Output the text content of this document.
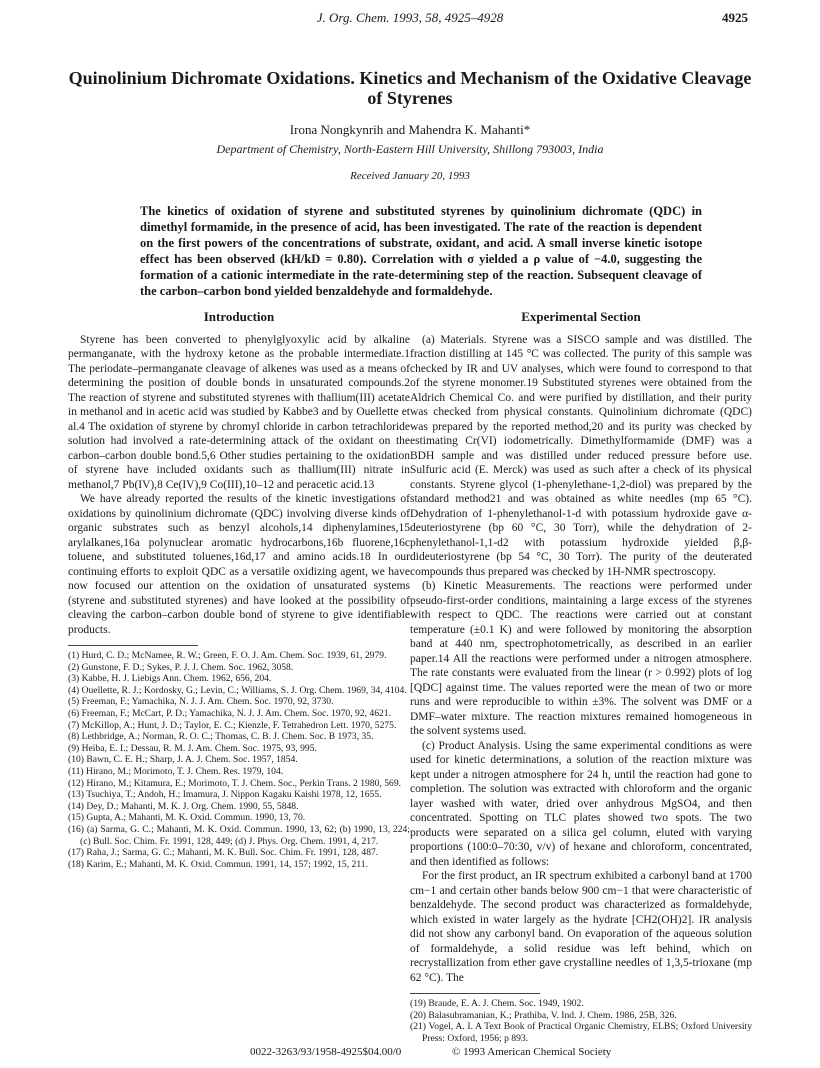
J. Org. Chem. 1993, 58, 4925–4928	4925
Quinolinium Dichromate Oxidations. Kinetics and Mechanism of the Oxidative Cleavage of Styrenes
Irona Nongkynrih and Mahendra K. Mahanti*
Department of Chemistry, North-Eastern Hill University, Shillong 793003, India
Received January 20, 1993
The kinetics of oxidation of styrene and substituted styrenes by quinolinium dichromate (QDC) in dimethyl formamide, in the presence of acid, has been investigated. The rate of the reaction is dependent on the first powers of the concentrations of substrate, oxidant, and acid. A small inverse kinetic isotope effect has been observed (kH/kD = 0.80). Correlation with σ yielded a ρ value of −4.0, suggesting the formation of a cationic intermediate in the rate-determining step of the reaction. Subsequent cleavage of the carbon–carbon bond yielded benzaldehyde and formaldehyde.
Introduction

Styrene has been converted to phenylglyoxylic acid by alkaline permanganate, with the hydroxy ketone as the probable intermediate.1 The periodate–permanganate cleavage of alkenes was used as a means of determining the position of double bonds in unsaturated compounds.2 The reaction of styrene and substituted styrenes with thallium(III) acetate in methanol and in acetic acid was studied by Kabbe3 and by Ouellette et al.4 The oxidation of styrene by chromyl chloride in carbon tetrachloride solution had involved a rate-determining attack of the oxidant on the carbon–carbon double bond.5,6 Other studies pertaining to the oxidation of styrene have included oxidants such as thallium(III) nitrate in methanol,7 Pb(IV),8 Ce(IV),9 Co(III),10–12 and peracetic acid.13

We have already reported the results of the kinetic investigations of oxidations by quinolinium dichromate (QDC) involving diverse kinds of organic substrates such as benzyl alcohols,14 diphenylamines,15 arylalkanes,16a polynuclear aromatic hydrocarbons,16b fluorene,16c toluene, and substituted toluenes,16d,17 and amino acids.18 In our continuing efforts to exploit QDC as a versatile oxidizing agent, we have now focused our attention on the oxidation of unsaturated systems (styrene and substituted styrenes) and have looked at the possibility of cleaving the carbon–carbon double bond of styrene to give identifiable products.

(1) Hurd, C. D.; McNamee, R. W.; Green, F. O. J. Am. Chem. Soc. 1939, 61, 2979.
(2) Gunstone, F. D.; Sykes, P. J. J. Chem. Soc. 1962, 3058.
(3) Kabbe, H. J. Liebigs Ann. Chem. 1962, 656, 204.
(4) Ouellette, R. J.; Kordosky, G.; Levin, C.; Williams, S. J. Org. Chem. 1969, 34, 4104.
(5) Freeman, F.; Yamachika, N. J. J. Am. Chem. Soc. 1970, 92, 3730.
(6) Freeman, F.; McCart, P. D.; Yamachika, N. J. J. Am. Chem. Soc. 1970, 92, 4621.
(7) McKillop, A.; Hunt, J. D.; Taylor, E. C.; Kienzle, F. Tetrahedron Lett. 1970, 5275.
(8) Lethbridge, A.; Norman, R. O. C.; Thomas, C. B. J. Chem. Soc. B 1973, 35.
(9) Heiba, E. I.; Dessau, R. M. J. Am. Chem. Soc. 1975, 93, 995.
(10) Bawn, C. E. H.; Sharp, J. A. J. Chem. Soc. 1957, 1854.
(11) Hirano, M.; Morimoto, T. J. Chem. Res. 1979, 104.
(12) Hirano, M.; Kitamura, E.; Morimoto, T. J. Chem. Soc., Perkin Trans. 2 1980, 569.
(13) Tsuchiya, T.; Andoh, H.; Imamura, J. Nippon Kagaku Kaishi 1978, 12, 1655.
(14) Dey, D.; Mahanti, M. K. J. Org. Chem. 1990, 55, 5848.
(15) Gupta, A.; Mahanti, M. K. Oxid. Commun. 1990, 13, 70.
(16) (a) Sarma, G. C.; Mahanti, M. K. Oxid. Commun. 1990, 13, 62; (b) 1990, 13, 224; (c) Bull. Soc. Chim. Fr. 1991, 128, 449; (d) J. Phys. Org. Chem. 1991, 4, 217.
(17) Raha, J.; Sarma, G. C.; Mahanti, M. K. Bull. Soc. Chim. Fr. 1991, 128, 487.
(18) Karim, E.; Mahanti, M. K. Oxid. Commun. 1991, 14, 157; 1992, 15, 211.
Experimental Section

(a) Materials. Styrene was a SISCO sample and was distilled. The fraction distilling at 145 °C was collected. The purity of this sample was checked by IR and UV analyses, which were found to correspond to that of the styrene monomer.19 Substituted styrenes were obtained from the Aldrich Chemical Co. and were purified by distillation, and their purity was checked from physical constants. Quinolinium dichromate (QDC) was prepared by the reported method,20 and its purity was checked by estimating Cr(VI) iodometrically. Dimethylformamide (DMF) was a BDH sample and was distilled under reduced pressure before use. Sulfuric acid (E. Merck) was used as such after a check of its physical constants. Styrene glycol (1-phenylethane-1,2-diol) was prepared by the standard method21 and was obtained as white needles (mp 65 °C). Dehydration of 1-phenylethanol-1-d with potassium hydroxide gave α-deuteriostyrene (bp 60 °C, 30 Torr), while the dehydration of 2-phenylethanol-1,1-d2 with potassium hydroxide yielded β,β-dideuteriostyrene (bp 54 °C, 30 Torr). The purity of the deuterated compounds thus prepared was checked by 1H-NMR spectroscopy.

(b) Kinetic Measurements. The reactions were performed under pseudo-first-order conditions, maintaining a large excess of the styrenes with respect to QDC. The reactions were carried out at constant temperature (±0.1 K) and were followed by monitoring the absorption band at 440 nm, spectrophotometrically, as described in an earlier paper.14 All the reactions were performed under a nitrogen atmosphere. The rate constants were evaluated from the linear (r > 0.992) plots of log [QDC] against time. The values reported were the mean of two or more runs and were reproducible to within ±3%. The solvent was DMF or a DMF–water mixture. The reaction mixtures remained homogeneous in the solvent systems used.

(c) Product Analysis. Using the same experimental conditions as were used for kinetic determinations, a solution of the reaction mixture was kept under a nitrogen atmosphere for 24 h, until the reaction had gone to completion. The solution was extracted with chloroform and the organic layer washed with water, dried over anhydrous MgSO4, and then concentrated. Spotting on TLC plates showed two spots. The two products were separated on a silica gel column, eluted with varying proportions (100:0–70:30, v/v) of hexane and chloroform, concentrated, and then identified as follows:

For the first product, an IR spectrum exhibited a carbonyl band at 1700 cm−1 and certain other bands below 900 cm−1 that were characteristic of benzaldehyde. The second product was characterized as formaldehyde, which existed in water largely as the hydrate [CH2(OH)2]. IR analysis did not show any carbonyl band. On evaporation of the aqueous solution of formaldehyde, a solid residue was left behind, which on recrystallization from ether gave crystalline needles of 1,3,5-trioxane (mp 62 °C). The

(19) Braude, E. A. J. Chem. Soc. 1949, 1902.
(20) Balasubramanian, K.; Prathiba, V. Ind. J. Chem. 1986, 25B, 326.
(21) Vogel, A. I. A Text Book of Practical Organic Chemistry, ELBS; Oxford University Press: Oxford, 1956; p 893.
0022-3263/93/1958-4925$04.00/0	© 1993 American Chemical Society
